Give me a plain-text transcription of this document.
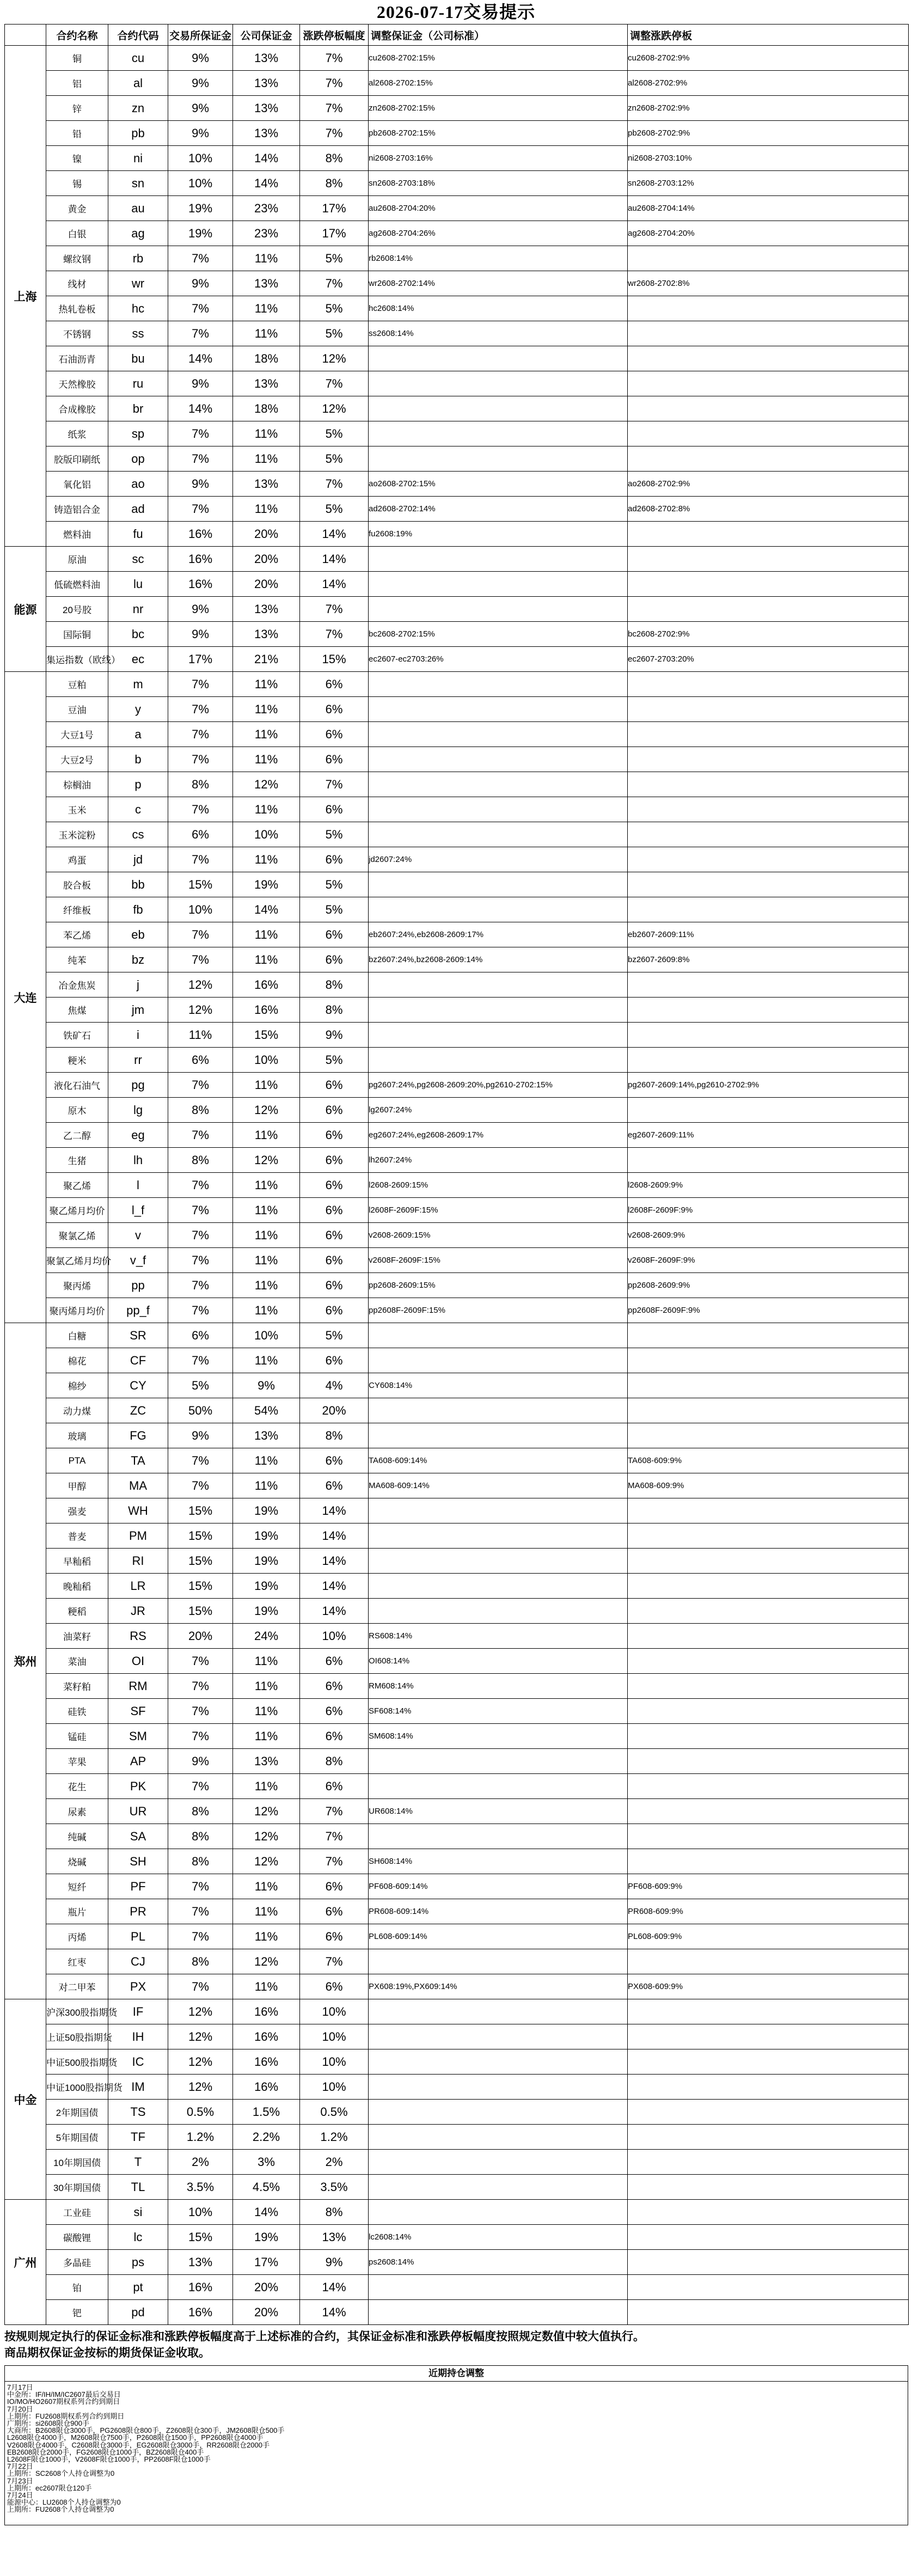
2026-07-17交易提示
	合约名称	合约代码	交易所保证金	公司保证金	涨跌停板幅度	调整保证金（公司标准）	调整涨跌停板
上海	铜	cu	9%	13%	7%	cu2608-2702:15%	cu2608-2702:9%
	铝	al	9%	13%	7%	al2608-2702:15%	al2608-2702:9%
	锌	zn	9%	13%	7%	zn2608-2702:15%	zn2608-2702:9%
	铅	pb	9%	13%	7%	pb2608-2702:15%	pb2608-2702:9%
	镍	ni	10%	14%	8%	ni2608-2703:16%	ni2608-2703:10%
	锡	sn	10%	14%	8%	sn2608-2703:18%	sn2608-2703:12%
	黄金	au	19%	23%	17%	au2608-2704:20%	au2608-2704:14%
	白银	ag	19%	23%	17%	ag2608-2704:26%	ag2608-2704:20%
	螺纹钢	rb	7%	11%	5%	rb2608:14%	
	线材	wr	9%	13%	7%	wr2608-2702:14%	wr2608-2702:8%
	热轧卷板	hc	7%	11%	5%	hc2608:14%	
	不锈钢	ss	7%	11%	5%	ss2608:14%	
	石油沥青	bu	14%	18%	12%		
	天然橡胶	ru	9%	13%	7%		
	合成橡胶	br	14%	18%	12%		
	纸浆	sp	7%	11%	5%		
	胶版印刷纸	op	7%	11%	5%		
	氧化铝	ao	9%	13%	7%	ao2608-2702:15%	ao2608-2702:9%
	铸造铝合金	ad	7%	11%	5%	ad2608-2702:14%	ad2608-2702:8%
	燃料油	fu	16%	20%	14%	fu2608:19%	
能源	原油	sc	16%	20%	14%		
	低硫燃料油	lu	16%	20%	14%		
	20号胶	nr	9%	13%	7%		
	国际铜	bc	9%	13%	7%	bc2608-2702:15%	bc2608-2702:9%
	集运指数（欧线）	ec	17%	21%	15%	ec2607-ec2703:26%	ec2607-2703:20%
大连	豆粕	m	7%	11%	6%		
	豆油	y	7%	11%	6%		
	大豆1号	a	7%	11%	6%		
	大豆2号	b	7%	11%	6%		
	棕榈油	p	8%	12%	7%		
	玉米	c	7%	11%	6%		
	玉米淀粉	cs	6%	10%	5%		
	鸡蛋	jd	7%	11%	6%	jd2607:24%	
	胶合板	bb	15%	19%	5%		
	纤维板	fb	10%	14%	5%		
	苯乙烯	eb	7%	11%	6%	eb2607:24%,eb2608-2609:17%	eb2607-2609:11%
	纯苯	bz	7%	11%	6%	bz2607:24%,bz2608-2609:14%	bz2607-2609:8%
	冶金焦炭	j	12%	16%	8%		
	焦煤	jm	12%	16%	8%		
	铁矿石	i	11%	15%	9%		
	粳米	rr	6%	10%	5%		
	液化石油气	pg	7%	11%	6%	pg2607:24%,pg2608-2609:20%,pg2610-2702:15%	pg2607-2609:14%,pg2610-2702:9%
	原木	lg	8%	12%	6%	lg2607:24%	
	乙二醇	eg	7%	11%	6%	eg2607:24%,eg2608-2609:17%	eg2607-2609:11%
	生猪	lh	8%	12%	6%	lh2607:24%	
	聚乙烯	l	7%	11%	6%	l2608-2609:15%	l2608-2609:9%
	聚乙烯月均价	l_f	7%	11%	6%	l2608F-2609F:15%	l2608F-2609F:9%
	聚氯乙烯	v	7%	11%	6%	v2608-2609:15%	v2608-2609:9%
	聚氯乙烯月均价	v_f	7%	11%	6%	v2608F-2609F:15%	v2608F-2609F:9%
	聚丙烯	pp	7%	11%	6%	pp2608-2609:15%	pp2608-2609:9%
	聚丙烯月均价	pp_f	7%	11%	6%	pp2608F-2609F:15%	pp2608F-2609F:9%
郑州	白糖	SR	6%	10%	5%		
	棉花	CF	7%	11%	6%		
	棉纱	CY	5%	9%	4%	CY608:14%	
	动力煤	ZC	50%	54%	20%		
	玻璃	FG	9%	13%	8%		
	PTA	TA	7%	11%	6%	TA608-609:14%	TA608-609:9%
	甲醇	MA	7%	11%	6%	MA608-609:14%	MA608-609:9%
	强麦	WH	15%	19%	14%		
	普麦	PM	15%	19%	14%		
	早籼稻	RI	15%	19%	14%		
	晚籼稻	LR	15%	19%	14%		
	粳稻	JR	15%	19%	14%		
	油菜籽	RS	20%	24%	10%	RS608:14%	
	菜油	OI	7%	11%	6%	OI608:14%	
	菜籽粕	RM	7%	11%	6%	RM608:14%	
	硅铁	SF	7%	11%	6%	SF608:14%	
	锰硅	SM	7%	11%	6%	SM608:14%	
	苹果	AP	9%	13%	8%		
	花生	PK	7%	11%	6%		
	尿素	UR	8%	12%	7%	UR608:14%	
	纯碱	SA	8%	12%	7%		
	烧碱	SH	8%	12%	7%	SH608:14%	
	短纤	PF	7%	11%	6%	PF608-609:14%	PF608-609:9%
	瓶片	PR	7%	11%	6%	PR608-609:14%	PR608-609:9%
	丙烯	PL	7%	11%	6%	PL608-609:14%	PL608-609:9%
	红枣	CJ	8%	12%	7%		
	对二甲苯	PX	7%	11%	6%	PX608:19%,PX609:14%	PX608-609:9%
中金	沪深300股指期货	IF	12%	16%	10%		
	上证50股指期货	IH	12%	16%	10%		
	中证500股指期货	IC	12%	16%	10%		
	中证1000股指期货	IM	12%	16%	10%		
	2年期国债	TS	0.5%	1.5%	0.5%		
	5年期国债	TF	1.2%	2.2%	1.2%		
	10年期国债	T	2%	3%	2%		
	30年期国债	TL	3.5%	4.5%	3.5%		
广州	工业硅	si	10%	14%	8%		
	碳酸锂	lc	15%	19%	13%	lc2608:14%	
	多晶硅	ps	13%	17%	9%	ps2608:14%	
	铂	pt	16%	20%	14%		
	钯	pd	16%	20%	14%		

按规则规定执行的保证金标准和涨跌停板幅度高于上述标准的合约，其保证金标准和涨跌停板幅度按照规定数值中较大值执行。

商品期权保证金按标的期货保证金收取。

近期持仓调整
7月17日
中金所：IF/IH/IM/IC2607最后交易日
IO/MO/HO2607期权系列合约到期日
7月20日
上期所：FU2608期权系列合约到期日
广期所：si2608限仓900手
大商所：B2608限仓3000手，PG2608限仓800手，Z2608限仓300手，JM2608限仓500手
L2608限仓4000手，M2608限仓7500手，P2608限仓1500手，PP2608限仓4000手
V2608限仓4000手，C2608限仓3000手，EG2608限仓3000手，RR2608限仓2000手
EB2608限仓2000手，FG2608限仓1000手，BZ2608限仓400手
L2608F限仓1000手，V2608F限仓1000手，PP2608F限仓1000手
7月22日
上期所：SC2608个人持仓调整为0
7月23日
上期所：ec2607限仓120手
7月24日
能源中心：LU2608个人持仓调整为0
上期所：FU2608个人持仓调整为0
